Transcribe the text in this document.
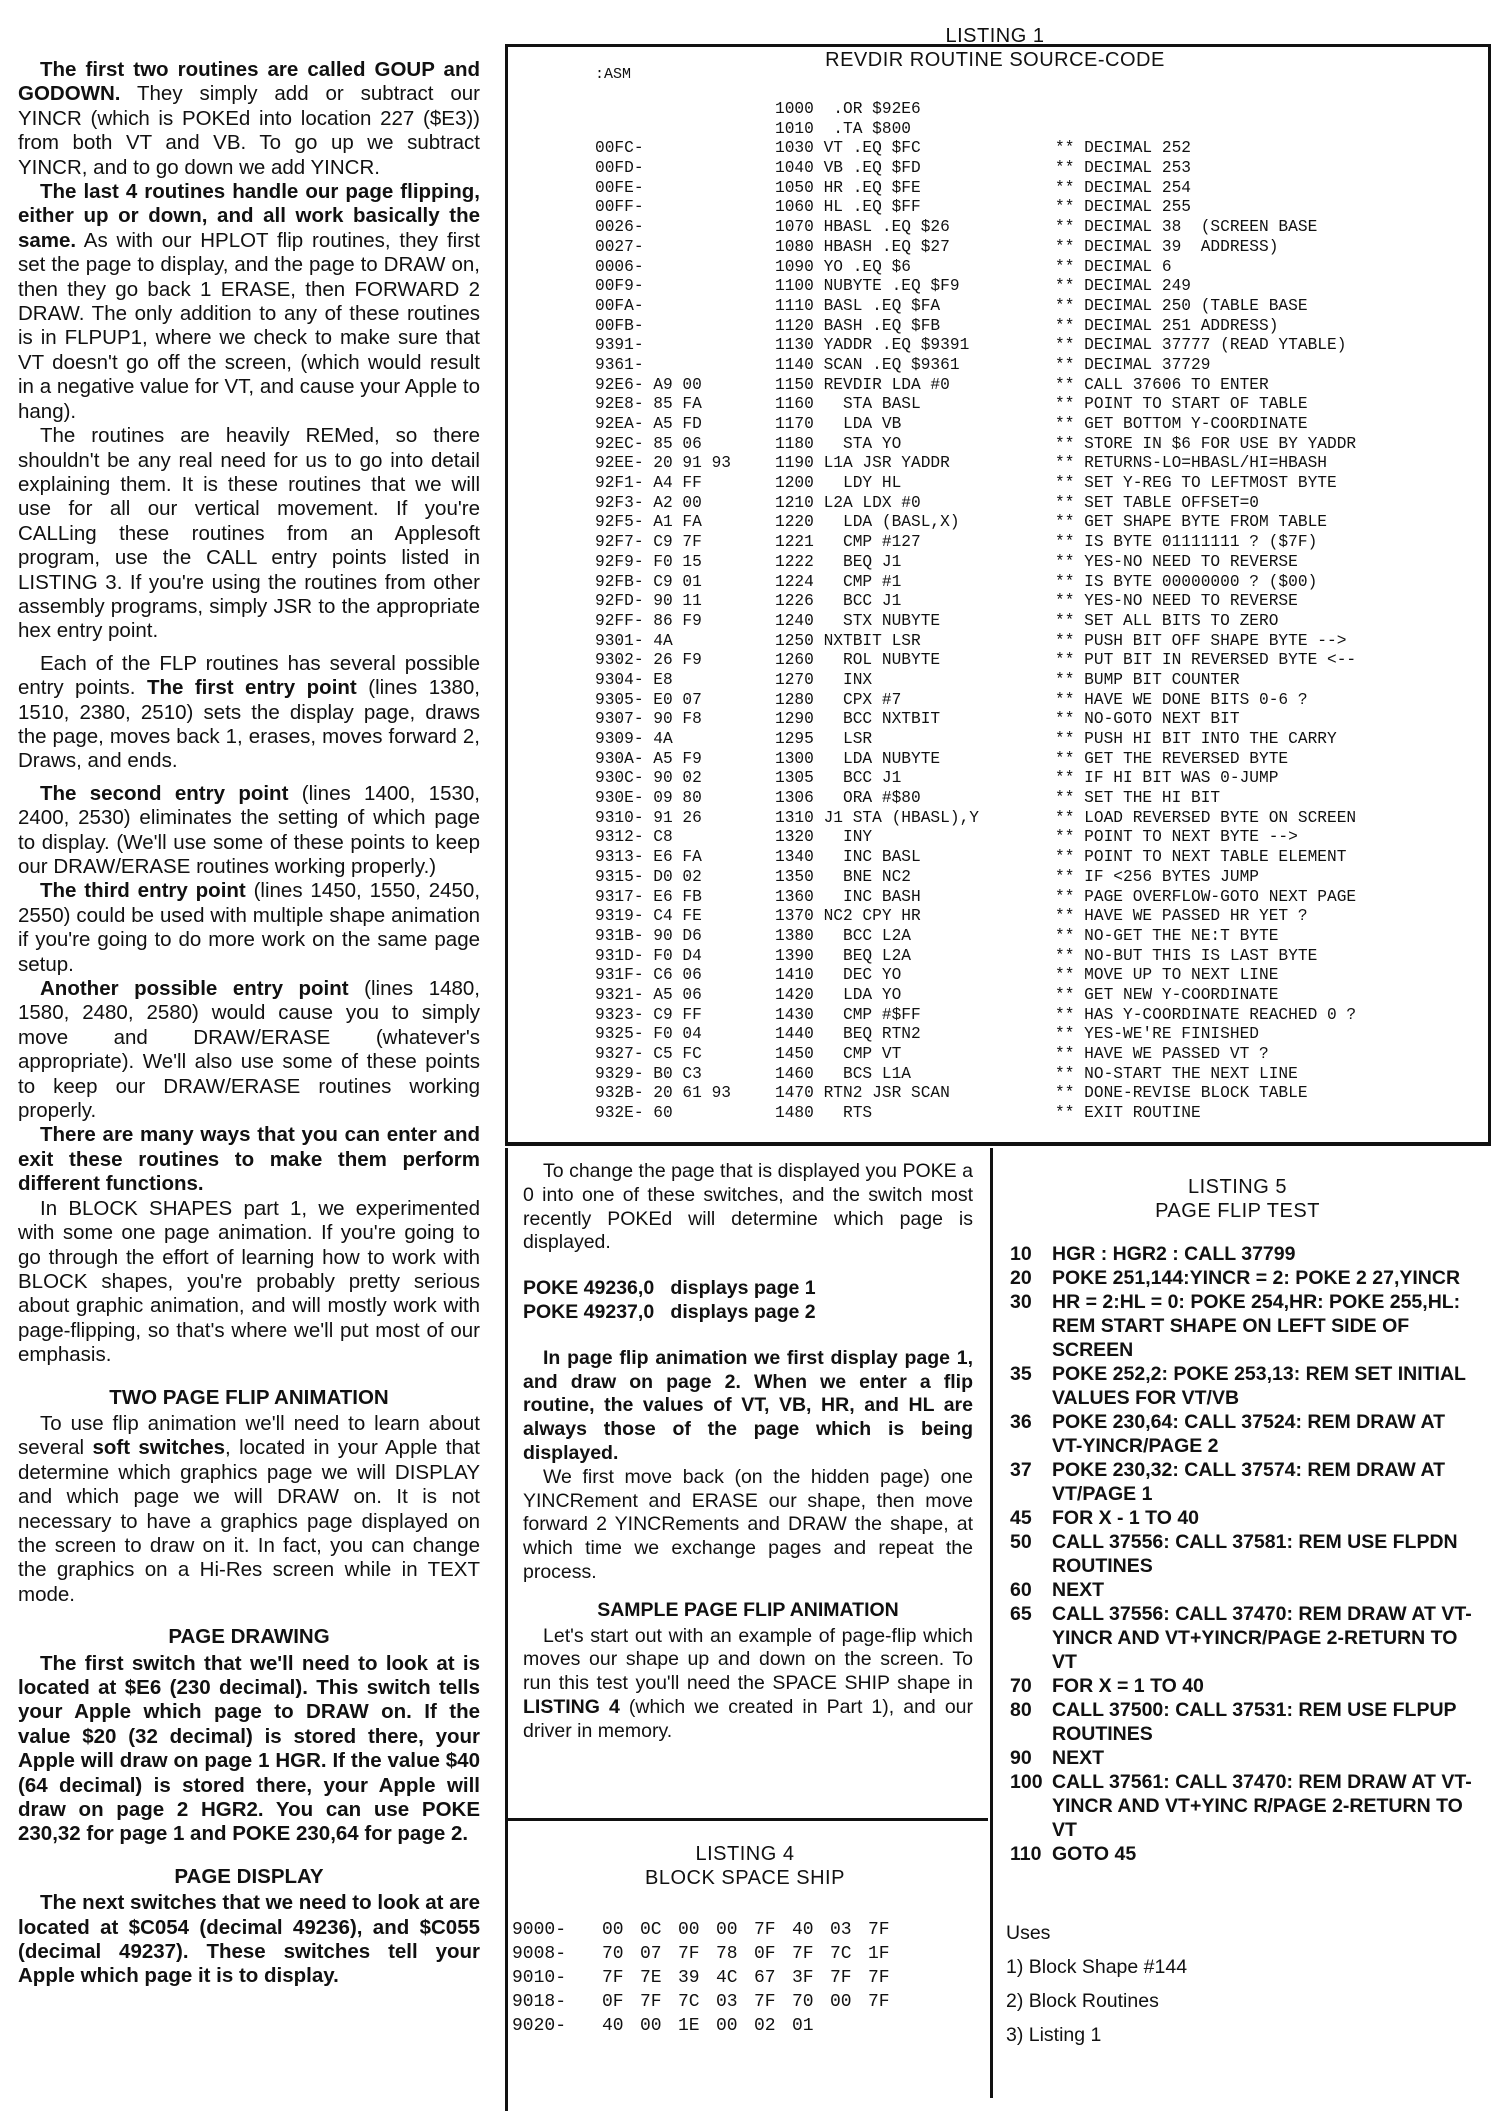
The first two routines are called GOUP and GODOWN. They simply add or subtract our YINCR (which is POKEd into location 227 ($E3)) from both VT and VB. To go up we subtract YINCR, and to go down we add YINCR.

The last 4 routines handle our page flipping, either up or down, and all work basically the same. As with our HPLOT flip routines, they first set the page to display, and the page to DRAW on, then they go back 1 ERASE, then FORWARD 2 DRAW. The only addition to any of these routines is in FLPUP1, where we check to make sure that VT doesn't go off the screen, (which would result in a negative value for VT, and cause your Apple to hang).

The routines are heavily REMed, so there shouldn't be any real need for us to go into detail explaining them. It is these routines that we will use for all our vertical movement. If you're CALLing these routines from an Applesoft program, use the CALL entry points listed in LISTING 3. If you're using the routines from other assembly programs, simply JSR to the appropriate hex entry point.

Each of the FLP routines has several possible entry points. The first entry point (lines 1380, 1510, 2380, 2510) sets the display page, draws the page, moves back 1, erases, moves forward 2, Draws, and ends.

The second entry point (lines 1400, 1530, 2400, 2530) eliminates the setting of which page to display. (We'll use some of these points to keep our DRAW/ERASE routines working properly.)

The third entry point (lines 1450, 1550, 2450, 2550) could be used with multiple shape animation if you're going to do more work on the same page setup.

Another possible entry point (lines 1480, 1580, 2480, 2580) would cause you to simply move and DRAW/ERASE (whatever's appropriate). We'll also use some of these points to keep our DRAW/ERASE routines working properly.

There are many ways that you can enter and exit these routines to make them perform different functions.

In BLOCK SHAPES part 1, we experimented with some one page animation. If you're going to go through the effort of learning how to work with BLOCK shapes, you're probably pretty serious about graphic animation, and will mostly work with page-flipping, so that's where we'll put most of our emphasis.

TWO PAGE FLIP ANIMATION

To use flip animation we'll need to learn about several soft switches, located in your Apple that determine which graphics page we will DISPLAY and which page we will DRAW on. It is not necessary to have a graphics page displayed on the screen to draw on it. In fact, you can change the graphics on a Hi-Res screen while in TEXT mode.

PAGE DRAWING

The first switch that we'll need to look at is located at $E6 (230 decimal). This switch tells your Apple which page to DRAW on. If the value $20 (32 decimal) is stored there, your Apple will draw on page 1 HGR. If the value $40 (64 decimal) is stored there, your Apple will draw on page 2 HGR2. You can use POKE 230,32 for page 1 and POKE 230,64 for page 2.

PAGE DISPLAY

The next switches that we need to look at are located at $C054 (decimal 49236), and $C055 (decimal 49237). These switches tell your Apple which page it is to display.

LISTING 1
REVDIR ROUTINE SOURCE-CODE
:ASM
1000  .OR $92E6
1010  .TA $800
00FC-	1030 VT .EQ $FC	** DECIMAL 252
00FD-	1040 VB .EQ $FD	** DECIMAL 253
00FE-	1050 HR .EQ $FE	** DECIMAL 254
00FF-	1060 HL .EQ $FF	** DECIMAL 255
0026-	1070 HBASL .EQ $26	** DECIMAL 38  (SCREEN BASE
0027-	1080 HBASH .EQ $27	** DECIMAL 39  ADDRESS)
0006-	1090 YO .EQ $6	** DECIMAL 6
00F9-	1100 NUBYTE .EQ $F9	** DECIMAL 249
00FA-	1110 BASL .EQ $FA	** DECIMAL 250 (TABLE BASE
00FB-	1120 BASH .EQ $FB	** DECIMAL 251 ADDRESS)
9391-	1130 YADDR .EQ $9391	** DECIMAL 37777 (READ YTABLE)
9361-	1140 SCAN .EQ $9361	** DECIMAL 37729
92E6- A9 00	1150 REVDIR LDA #0	** CALL 37606 TO ENTER
92E8- 85 FA	1160   STA BASL	** POINT TO START OF TABLE
92EA- A5 FD	1170   LDA VB	** GET BOTTOM Y-COORDINATE
92EC- 85 06	1180   STA YO	** STORE IN $6 FOR USE BY YADDR
92EE- 20 91 93	1190 L1A JSR YADDR	** RETURNS-LO=HBASL/HI=HBASH
92F1- A4 FF	1200   LDY HL	** SET Y-REG TO LEFTMOST BYTE
92F3- A2 00	1210 L2A LDX #0	** SET TABLE OFFSET=0
92F5- A1 FA	1220   LDA (BASL,X)	** GET SHAPE BYTE FROM TABLE
92F7- C9 7F	1221   CMP #127	** IS BYTE 01111111 ? ($7F)
92F9- F0 15	1222   BEQ J1	** YES-NO NEED TO REVERSE
92FB- C9 01	1224   CMP #1	** IS BYTE 00000000 ? ($00)
92FD- 90 11	1226   BCC J1	** YES-NO NEED TO REVERSE
92FF- 86 F9	1240   STX NUBYTE	** SET ALL BITS TO ZERO
9301- 4A	1250 NXTBIT LSR	** PUSH BIT OFF SHAPE BYTE -->
9302- 26 F9	1260   ROL NUBYTE	** PUT BIT IN REVERSED BYTE <--
9304- E8	1270   INX	** BUMP BIT COUNTER
9305- E0 07	1280   CPX #7	** HAVE WE DONE BITS 0-6 ?
9307- 90 F8	1290   BCC NXTBIT	** NO-GOTO NEXT BIT
9309- 4A	1295   LSR	** PUSH HI BIT INTO THE CARRY
930A- A5 F9	1300   LDA NUBYTE	** GET THE REVERSED BYTE
930C- 90 02	1305   BCC J1	** IF HI BIT WAS 0-JUMP
930E- 09 80	1306   ORA #$80	** SET THE HI BIT
9310- 91 26	1310 J1 STA (HBASL),Y	** LOAD REVERSED BYTE ON SCREEN
9312- C8	1320   INY	** POINT TO NEXT BYTE -->
9313- E6 FA	1340   INC BASL	** POINT TO NEXT TABLE ELEMENT
9315- D0 02	1350   BNE NC2	** IF <256 BYTES JUMP
9317- E6 FB	1360   INC BASH	** PAGE OVERFLOW-GOTO NEXT PAGE
9319- C4 FE	1370 NC2 CPY HR	** HAVE WE PASSED HR YET ?
931B- 90 D6	1380   BCC L2A	** NO-GET THE NE:T BYTE
931D- F0 D4	1390   BEQ L2A	** NO-BUT THIS IS LAST BYTE
931F- C6 06	1410   DEC YO	** MOVE UP TO NEXT LINE
9321- A5 06	1420   LDA YO	** GET NEW Y-COORDINATE
9323- C9 FF	1430   CMP #$FF	** HAS Y-COORDINATE REACHED 0 ?
9325- F0 04	1440   BEQ RTN2	** YES-WE'RE FINISHED
9327- C5 FC	1450   CMP VT	** HAVE WE PASSED VT ?
9329- B0 C3	1460   BCS L1A	** NO-START THE NEXT LINE
932B- 20 61 93	1470 RTN2 JSR SCAN	** DONE-REVISE BLOCK TABLE
932E- 60	1480   RTS	** EXIT ROUTINE

To change the page that is displayed you POKE a 0 into one of these switches, and the switch most recently POKEd will determine which page is displayed.

POKE 49236,0   displays page 1

POKE 49237,0   displays page 2

In page flip animation we first display page 1, and draw on page 2. When we enter a flip routine, the values of VT, VB, HR, and HL are always those of the page which is being displayed.

We first move back (on the hidden page) one YINCRement and ERASE our shape, then move forward 2 YINCRements and DRAW the shape, at which time we exchange pages and repeat the process.

SAMPLE PAGE FLIP ANIMATION

Let's start out with an example of page-flip which moves our shape up and down on the screen. To run this test you'll need the SPACE SHIP shape in LISTING 4 (which we created in Part 1), and our driver in memory.

LISTING 4
BLOCK SPACE SHIP
9000- 00 0C 00 00 7F 40 03 7F
9008- 70 07 7F 78 0F 7F 7C 1F
9010- 7F 7E 39 4C 67 3F 7F 7F
9018- 0F 7F 7C 03 7F 70 00 7F
9020- 40 00 1E 00 02 01
LISTING 5
PAGE FLIP TEST
10	HGR : HGR2 : CALL 37799
20	POKE 251,144:YINCR = 2: POKE 2 27,YINCR
30	HR = 2:HL = 0: POKE 254,HR: POKE 255,HL: REM START SHAPE ON LEFT SIDE OF SCREEN
35	POKE 252,2: POKE 253,13: REM SET INITIAL VALUES FOR VT/VB
36	POKE 230,64: CALL 37524: REM DRAW AT VT-YINCR/PAGE 2
37	POKE 230,32: CALL 37574: REM DRAW AT VT/PAGE 1
45	FOR X - 1 TO 40
50	CALL 37556: CALL 37581: REM USE FLPDN ROUTINES
60	NEXT
65	CALL 37556: CALL 37470: REM DRAW AT VT-YINCR AND VT+YINCR/PAGE 2-RETURN TO VT
70	FOR X = 1 TO 40
80	CALL 37500: CALL 37531: REM USE FLPUP ROUTINES
90	NEXT
100 CALL 37561: CALL 37470: REM DRAW AT VT-YINCR AND VT+YINC R/PAGE 2-RETURN TO VT
110 GOTO 45
Uses
1) Block Shape #144
2) Block Routines
3) Listing 1
